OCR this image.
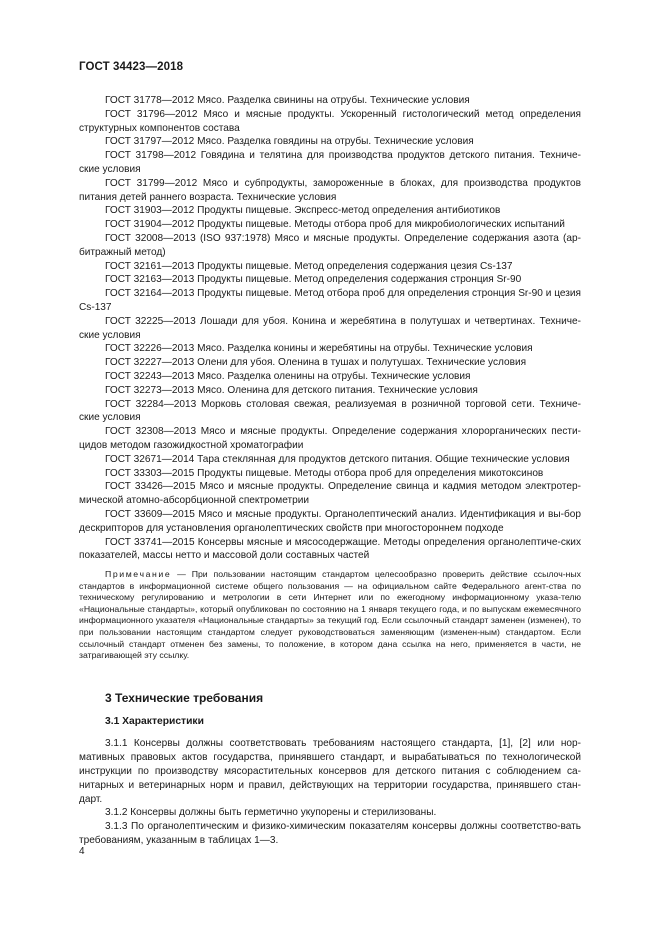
ГОСТ 34423—2018

ГОСТ 31778—2012 Мясо. Разделка свинины на отрубы. Технические условия

ГОСТ 31796—2012 Мясо и мясные продукты. Ускоренный гистологический метод определения структурных компонентов состава

ГОСТ 31797—2012 Мясо. Разделка говядины на отрубы. Технические условия

ГОСТ 31798—2012 Говядина и телятина для производства продуктов детского питания. Техниче-ские условия

ГОСТ 31799—2012 Мясо и субпродукты, замороженные в блоках, для производства продуктов питания детей раннего возраста. Технические условия

ГОСТ 31903—2012 Продукты пищевые. Экспресс-метод определения антибиотиков

ГОСТ 31904—2012 Продукты пищевые. Методы отбора проб для микробиологических испытаний

ГОСТ 32008—2013 (ISO 937:1978) Мясо и мясные продукты. Определение содержания азота (ар-битражный метод)

ГОСТ 32161—2013 Продукты пищевые. Метод определения содержания цезия Cs-137

ГОСТ 32163—2013 Продукты пищевые. Метод определения содержания стронция Sr-90

ГОСТ 32164—2013 Продукты пищевые. Метод отбора проб для определения стронция Sr-90 и цезия Cs-137

ГОСТ 32225—2013 Лошади для убоя. Конина и жеребятина в полутушах и четвертинах. Техниче-ские условия

ГОСТ 32226—2013 Мясо. Разделка конины и жеребятины на отрубы. Технические условия

ГОСТ 32227—2013 Олени для убоя. Оленина в тушах и полутушах. Технические условия

ГОСТ 32243—2013 Мясо. Разделка оленины на отрубы. Технические условия

ГОСТ 32273—2013 Мясо. Оленина для детского питания. Технические условия

ГОСТ 32284—2013 Морковь столовая свежая, реализуемая в розничной торговой сети. Техниче-ские условия

ГОСТ 32308—2013 Мясо и мясные продукты. Определение содержания хлорорганических пести-цидов методом газожидкостной хроматографии

ГОСТ 32671—2014 Тара стеклянная для продуктов детского питания. Общие технические условия

ГОСТ 33303—2015 Продукты пищевые. Методы отбора проб для определения микотоксинов

ГОСТ 33426—2015 Мясо и мясные продукты. Определение свинца и кадмия методом электротер-мической атомно-абсорбционной спектрометрии

ГОСТ 33609—2015 Мясо и мясные продукты. Органолептический анализ. Идентификация и вы-бор дескрипторов для установления органолептических свойств при многостороннем подходе

ГОСТ 33741—2015 Консервы мясные и мясосодержащие. Методы определения органолептиче-ских показателей, массы нетто и массовой доли составных частей

Примечание — При пользовании настоящим стандартом целесообразно проверить действие ссылоч-ных стандартов в информационной системе общего пользования — на официальном сайте Федерального агент-ства по техническому регулированию и метрологии в сети Интернет или по ежегодному информационному указа-телю «Национальные стандарты», который опубликован по состоянию на 1 января текущего года, и по выпускам ежемесячного информационного указателя «Национальные стандарты» за текущий год. Если ссылочный стандарт заменен (изменен), то при пользовании настоящим стандартом следует руководствоваться заменяющим (изменен-ным) стандартом. Если ссылочный стандарт отменен без замены, то положение, в котором дана ссылка на него, применяется в части, не затрагивающей эту ссылку.
3 Технические требования
3.1 Характеристики

3.1.1 Консервы должны соответствовать требованиям настоящего стандарта, [1], [2] или нор-мативных правовых актов государства, принявшего стандарт, и вырабатываться по технологической инструкции по производству мясорастительных консервов для детского питания с соблюдением са-нитарных и ветеринарных норм и правил, действующих на территории государства, принявшего стан-дарт.

3.1.2 Консервы должны быть герметично укупорены и стерилизованы.

3.1.3 По органолептическим и физико-химическим показателям консервы должны соответство-вать требованиям, указанным в таблицах 1—3.

4
